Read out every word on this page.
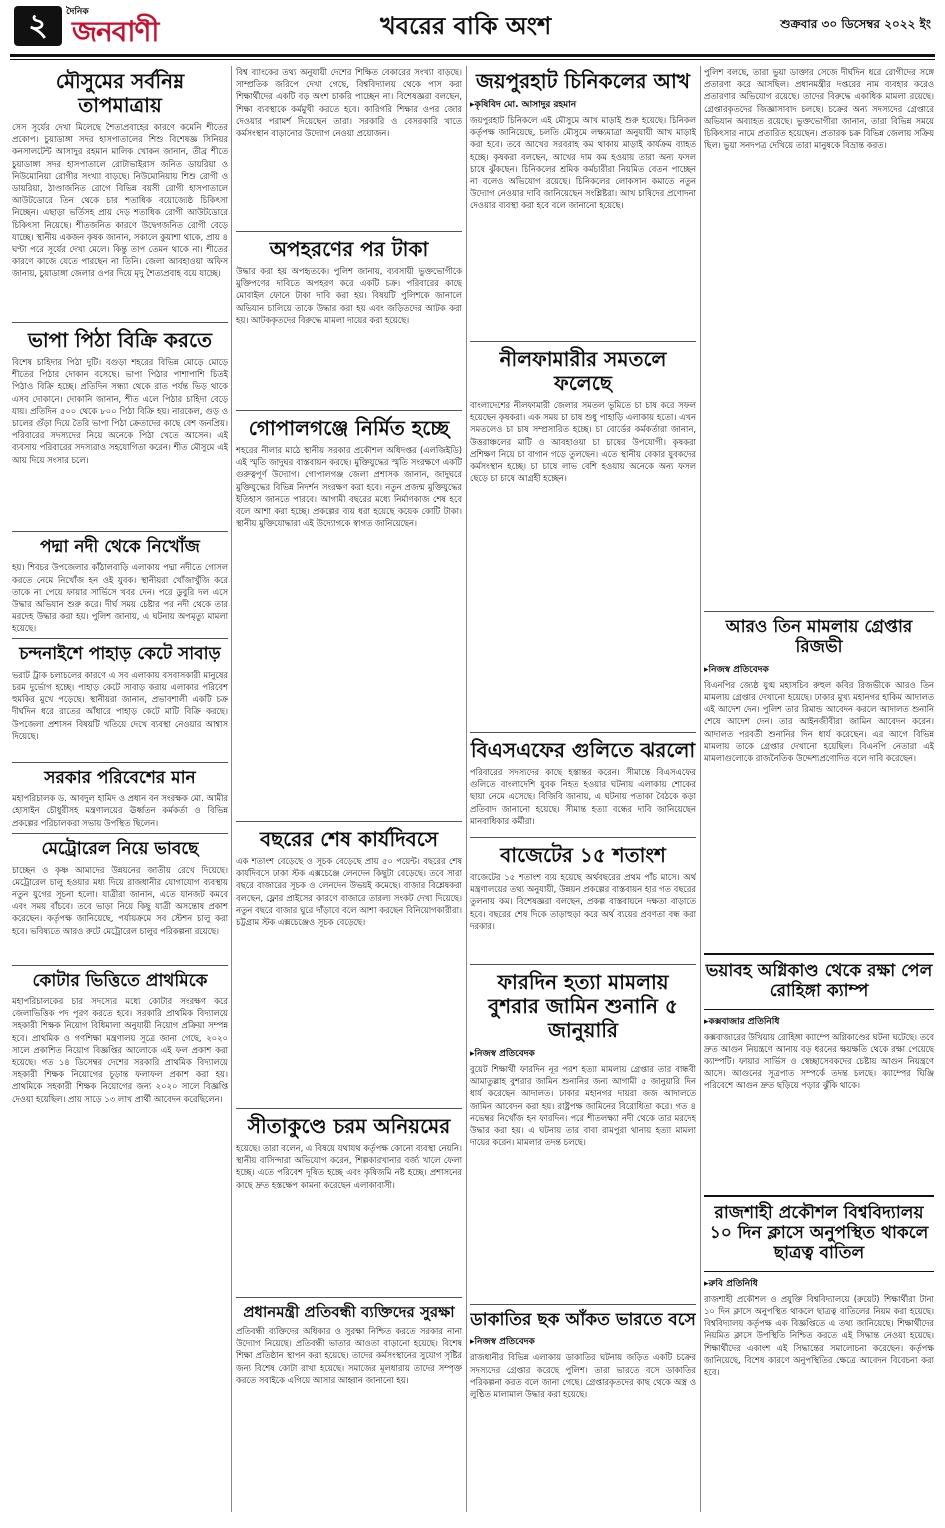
২	দৈনিক
জনবাণী	খবরের বাকি অংশ	শুক্রবার ৩০ ডিসেম্বর ২০২২ ইং
মৌসুমের সর্বনিম্ন তাপমাত্রায়
সেস সূর্যের দেখা মিলেছে শৈত্যপ্রবাহের কারণে কমেনি শীতের প্রকোপ। চুয়াডাঙ্গা সদর হাসপাতালের শিশু বিশেষজ্ঞ সিনিয়র কনসালটেন্ট আসাদুর রহমান মালিক খোকন জানান, তীব্র শীতে চুয়াডাঙ্গা সদর হাসপাতালে রোটাভাইরাস জনিত ডায়রিয়া ও নিউমোনিয়া রোগীর সংখ্যা বাড়ছে। নিউমোনিয়ায় শিশু রোগী ও ডায়রিয়া, ঠাণ্ডাজনিত রোগে বিভিন্ন বয়সী রোগী হাসপাতালে আউটডোরে তিন থেকে চার শতাধিক বয়োজ্যেষ্ঠ চিকিৎসা নিচ্ছেন। এছাড়া ভর্তিসহ প্রায় দেড় শতাধিক রোগী আউটডোরে চিকিৎসা নিয়েছে। শীতজনিত কারণে উদ্বেগজনিত রোগী বেড়ে যাচ্ছে। স্থানীয় একজন কৃষক জানান, সকালে কুয়াশা থাকে, প্রায় ৪ ঘণ্টা পরে সূর্যের দেখা মেলে। কিন্তু তাপ তেমন থাকে না। শীতের কারণে কাজে যেতে পারছেন না তিনি। জেলা আবহাওয়া অফিস জানায়, চুয়াডাঙ্গা জেলার ওপর দিয়ে মৃদু শৈত্যপ্রবাহ বয়ে যাচ্ছে।
ভাপা পিঠা বিক্রি করতে
বিশেষ চাহিদার পিঠা দুটি। বগুড়া শহরের বিভিন্ন মোড়ে মোড়ে শীতের পিঠার দোকান বসেছে। ভাপা পিঠার পাশাপাশি চিতই পিঠাও বিক্রি হচ্ছে। প্রতিদিন সন্ধ্যা থেকে রাত পর্যন্ত ভিড় থাকে এসব দোকানে। দোকানি জানান, শীত এলে পিঠার চাহিদা বেড়ে যায়। প্রতিদিন ৫০০ থেকে ৮০০ পিঠা বিক্রি হয়। নারকেল, গুড় ও চালের গুঁড়া দিয়ে তৈরি ভাপা পিঠা ক্রেতাদের কাছে বেশ জনপ্রিয়। পরিবারের সদস্যদের নিয়ে অনেকে পিঠা খেতে আসেন। এই ব্যবসায় পরিবারের সদস্যরাও সহযোগিতা করেন। শীত মৌসুমে এই আয় দিয়ে সংসার চলে।
পদ্মা নদী থেকে নিখোঁজ
হয়। শিবচর উপজেলার কাঁঠালবাড়ি এলাকায় পদ্মা নদীতে গোসল করতে নেমে নিখোঁজ হন ওই যুবক। স্থানীয়রা খোঁজাখুঁজি করে তাকে না পেয়ে ফায়ার সার্ভিসে খবর দেন। পরে ডুবুরি দল এসে উদ্ধার অভিযান শুরু করে। দীর্ঘ সময় চেষ্টার পর নদী থেকে তার মরদেহ উদ্ধার করা হয়। পুলিশ জানায়, এ ঘটনায় অপমৃত্যু মামলা হয়েছে।
চন্দনাইশে পাহাড় কেটে সাবাড়
ভরাট ট্রাক চলাচলের কারণে এ সব এলাকায় বসবাসকারী মানুষের চরম দুর্ভোগ হচ্ছে। পাহাড় কেটে সাবাড় করায় এলাকার পরিবেশ হুমকির মুখে পড়েছে। স্থানীয়রা জানান, প্রভাবশালী একটি চক্র দীর্ঘদিন ধরে রাতের আঁধারে পাহাড় কেটে মাটি বিক্রি করছে। উপজেলা প্রশাসন বিষয়টি খতিয়ে দেখে ব্যবস্থা নেওয়ার আশ্বাস দিয়েছে।
সরকার পরিবেশের মান
মহাপরিচালক ড. আবদুল হামিদ ও প্রধান বন সংরক্ষক মো. আমীর হোসাইন চৌধুরীসহ মন্ত্রণালয়ের ঊর্ধ্বতন কর্মকর্তা ও বিভিন্ন প্রকল্পের পরিচালকরা সভায় উপস্থিত ছিলেন।
মেট্রোরেল নিয়ে ভাবছে
চাচ্ছেন ও কৃষ্ণ আমাদের উন্নয়নের জাতীয় রেখে দিয়েছে। মেট্রোরেল চালু হওয়ার মধ্য দিয়ে রাজধানীর যোগাযোগ ব্যবস্থায় নতুন যুগের সূচনা হলো। যাত্রীরা জানান, এতে যানজট কমবে এবং সময় বাঁচবে। তবে ভাড়া নিয়ে কিছু যাত্রী অসন্তোষ প্রকাশ করেছেন। কর্তৃপক্ষ জানিয়েছে, পর্যায়ক্রমে সব স্টেশন চালু করা হবে। ভবিষ্যতে আরও রুটে মেট্রোরেল চালুর পরিকল্পনা রয়েছে।
কোটার ভিত্তিতে প্রাথমিকে
মহাপরিচালকের চার সদস্যের মধ্যে কোটার সংরক্ষণ করে জেলাভিত্তিক পদ পূরণ করতে হবে। সরকারি প্রাথমিক বিদ্যালয়ে সহকারী শিক্ষক নিয়োগ বিধিমালা অনুযায়ী নিয়োগ প্রক্রিয়া সম্পন্ন হবে। প্রাথমিক ও গণশিক্ষা মন্ত্রণালয় সূত্রে জানা গেছে, ২০২০ সালে প্রকাশিত নিয়োগ বিজ্ঞপ্তির আলোকে এই ফল প্রকাশ করা হয়েছে। গত ১৪ ডিসেম্বর দেশের সরকারি প্রাথমিক বিদ্যালয়ে সহকারী শিক্ষক নিয়োগের চূড়ান্ত ফলাফল প্রকাশ করা হয়। প্রাথমিকে সহকারী শিক্ষক নিয়োগের জন্য ২০২০ সালে বিজ্ঞপ্তি দেওয়া হয়েছিল। প্রায় সাড়ে ১৩ লাখ প্রার্থী আবেদন করেছিলেন।
বিশ্ব ব্যাংকের তথ্য অনুযায়ী দেশের শিক্ষিত বেকারের সংখ্যা বাড়ছে। সাম্প্রতিক জরিপে দেখা গেছে, বিশ্ববিদ্যালয় থেকে পাস করা শিক্ষার্থীদের একটি বড় অংশ চাকরি পাচ্ছেন না। বিশেষজ্ঞরা বলছেন, শিক্ষা ব্যবস্থাকে কর্মমুখী করতে হবে। কারিগরি শিক্ষার ওপর জোর দেওয়ার পরামর্শ দিয়েছেন তারা। সরকারি ও বেসরকারি খাতে কর্মসংস্থান বাড়ানোর উদ্যোগ নেওয়া প্রয়োজন।
অপহরণের পর টাকা
উদ্ধার করা হয় অপহৃতকে। পুলিশ জানায়, ব্যবসায়ী ভুক্তভোগীকে মুক্তিপণের দাবিতে অপহরণ করে একটি চক্র। পরিবারের কাছে মোবাইল ফোনে টাকা দাবি করা হয়। বিষয়টি পুলিশকে জানালে অভিযান চালিয়ে তাকে উদ্ধার করা হয় এবং জড়িতদের আটক করা হয়। আটককৃতদের বিরুদ্ধে মামলা দায়ের করা হয়েছে।
গোপালগঞ্জে নির্মিত হচ্ছে
শহরের নীলার মাঠে স্থানীয় সরকার প্রকৌশল অধিদপ্তর (এলজিইডি) এই স্মৃতি জাদুঘর বাস্তবায়ন করছে। মুক্তিযুদ্ধের স্মৃতি সংরক্ষণে একটি গুরুত্বপূর্ণ উদ্যোগ। গোপালগঞ্জ জেলা প্রশাসক জানান, জাদুঘরে মুক্তিযুদ্ধের বিভিন্ন নিদর্শন সংরক্ষণ করা হবে। নতুন প্রজন্ম মুক্তিযুদ্ধের ইতিহাস জানতে পারবে। আগামী বছরের মধ্যে নির্মাণকাজ শেষ হবে বলে আশা করা হচ্ছে। প্রকল্পের ব্যয় ধরা হয়েছে কয়েক কোটি টাকা। স্থানীয় মুক্তিযোদ্ধারা এই উদ্যোগকে স্বাগত জানিয়েছেন।
বছরের শেষ কার্যদিবসে
এক শতাংশ বেড়েছে ও সূচক বেড়েছে প্রায় ৫০ পয়েন্ট। বছরের শেষ কার্যদিবসে ঢাকা স্টক এক্সচেঞ্জে লেনদেন কিছুটা বেড়েছে। তবে সারা বছরে বাজারের সূচক ও লেনদেন উভয়ই কমেছে। বাজার বিশ্লেষকরা বলছেন, ফ্লোর প্রাইসের কারণে বাজারে তারল্য সংকট দেখা দিয়েছে। নতুন বছরে বাজার ঘুরে দাঁড়াবে বলে আশা করছেন বিনিয়োগকারীরা। চট্টগ্রাম স্টক এক্সচেঞ্জেও সূচক বেড়েছে।
সীতাকুণ্ডে চরম অনিয়মের
হয়েছে। তারা বলেন, এ বিষয়ে যথাযথ কর্তৃপক্ষ কোনো ব্যবস্থা নেয়নি। স্থানীয় বাসিন্দারা অভিযোগ করেন, শিল্পকারখানার বর্জ্য খালে ফেলা হচ্ছে। এতে পরিবেশ দূষিত হচ্ছে এবং কৃষিজমি নষ্ট হচ্ছে। প্রশাসনের কাছে দ্রুত হস্তক্ষেপ কামনা করেছেন এলাকাবাসী।
প্রধানমন্ত্রী প্রতিবন্ধী ব্যক্তিদের সুরক্ষা
প্রতিবন্ধী ব্যক্তিদের অধিকার ও সুরক্ষা নিশ্চিত করতে সরকার নানা উদ্যোগ নিয়েছে। প্রতিবন্ধী ভাতার আওতা বাড়ানো হয়েছে। বিশেষ শিক্ষা প্রতিষ্ঠান স্থাপন করা হয়েছে। তাদের কর্মসংস্থানের সুযোগ সৃষ্টির জন্য বিশেষ কোটা রাখা হয়েছে। সমাজের মূলধারায় তাদের সম্পৃক্ত করতে সবাইকে এগিয়ে আসার আহ্বান জানানো হয়।
জয়পুরহাট চিনিকলের আখ
▸ কৃষিবিদ মো. আসাদুর রহমান
জয়পুরহাট চিনিকলে এই মৌসুমে আখ মাড়াই শুরু হয়েছে। চিনিকল কর্তৃপক্ষ জানিয়েছে, চলতি মৌসুমে লক্ষ্যমাত্রা অনুযায়ী আখ মাড়াই করা হবে। তবে আখের সরবরাহ কম থাকায় মাড়াই কার্যক্রম ব্যাহত হচ্ছে। কৃষকরা বলছেন, আখের দাম কম হওয়ায় তারা অন্য ফসল চাষে ঝুঁকছেন। চিনিকলের শ্রমিক কর্মচারীরা নিয়মিত বেতন পাচ্ছেন না বলেও অভিযোগ রয়েছে। চিনিকলের লোকসান কমাতে নতুন উদ্যোগ নেওয়ার দাবি জানিয়েছেন সংশ্লিষ্টরা। আখ চাষিদের প্রণোদনা দেওয়ার ব্যবস্থা করা হবে বলে জানানো হয়েছে।
নীলফামারীর সমতলে ফলেছে
বাংলাদেশের নীলফামারী জেলার সমতল ভূমিতে চা চাষ করে সফল হয়েছেন কৃষকরা। এক সময় চা চাষ শুধু পাহাড়ি এলাকায় হতো। এখন সমতলেও চা চাষ সম্প্রসারিত হচ্ছে। চা বোর্ডের কর্মকর্তারা জানান, উত্তরাঞ্চলের মাটি ও আবহাওয়া চা চাষের উপযোগী। কৃষকরা প্রশিক্ষণ নিয়ে চা বাগান গড়ে তুলছেন। এতে স্থানীয় বেকার যুবকদের কর্মসংস্থান হচ্ছে। চা চাষে লাভ বেশি হওয়ায় অনেকে অন্য ফসল ছেড়ে চা চাষে আগ্রহী হচ্ছেন।
বিএসএফের গুলিতে ঝরলো
পরিবারের সদস্যদের কাছে হস্তান্তর করেন। সীমান্তে বিএসএফের গুলিতে বাংলাদেশি যুবক নিহত হওয়ার ঘটনায় এলাকায় শোকের ছায়া নেমে এসেছে। বিজিবি জানায়, এ ঘটনায় পতাকা বৈঠকে কড়া প্রতিবাদ জানানো হয়েছে। সীমান্ত হত্যা বন্ধের দাবি জানিয়েছেন মানবাধিকার কর্মীরা।
বাজেটের ১৫ শতাংশ
বাজেটের ১৫ শতাংশ ব্যয় হয়েছে অর্থবছরের প্রথম পাঁচ মাসে। অর্থ মন্ত্রণালয়ের তথ্য অনুযায়ী, উন্নয়ন প্রকল্পের বাস্তবায়ন হার গত বছরের তুলনায় কম। বিশেষজ্ঞরা বলছেন, প্রকল্প বাস্তবায়নে দক্ষতা বাড়াতে হবে। বছরের শেষ দিকে তাড়াহুড়া করে অর্থ ব্যয়ের প্রবণতা বন্ধ করা দরকার।
ফারদিন হত্যা মামলায় বুশরার জামিন শুনানি ৫ জানুয়ারি
▸ নিজস্ব প্রতিবেদক
বুয়েট শিক্ষার্থী ফারদিন নূর পরশ হত্যা মামলায় গ্রেপ্তার তার বান্ধবী আমাতুল্লাহ বুশরার জামিন শুনানির জন্য আগামী ৫ জানুয়ারি দিন ধার্য করেছেন আদালত। ঢাকার মহানগর দায়রা জজ আদালতে জামিন আবেদন করা হয়। রাষ্ট্রপক্ষ জামিনের বিরোধিতা করে। গত ৪ নভেম্বর নিখোঁজ হন ফারদিন। পরে শীতলক্ষ্যা নদী থেকে তার মরদেহ উদ্ধার করা হয়। এ ঘটনায় তার বাবা রামপুরা থানায় হত্যা মামলা দায়ের করেন। মামলার তদন্ত চলছে।
ডাকাতির ছক আঁকত ভারতে বসে
▸ নিজস্ব প্রতিবেদক
রাজধানীর বিভিন্ন এলাকায় ডাকাতির ঘটনায় জড়িত একটি চক্রের সদস্যদের গ্রেপ্তার করেছে পুলিশ। তারা ভারতে বসে ডাকাতির পরিকল্পনা করত বলে জানা গেছে। গ্রেপ্তারকৃতদের কাছ থেকে অস্ত্র ও লুণ্ঠিত মালামাল উদ্ধার করা হয়েছে।
পুলিশ বলছে, তারা ভুয়া ডাক্তার সেজে দীর্ঘদিন ধরে রোগীদের সঙ্গে প্রতারণা করে আসছিল। প্রধানমন্ত্রীর দপ্তরের নাম ব্যবহার করেও প্রতারণার অভিযোগ রয়েছে। তাদের বিরুদ্ধে একাধিক মামলা রয়েছে। গ্রেপ্তারকৃতদের জিজ্ঞাসাবাদ চলছে। চক্রের অন্য সদস্যদের গ্রেপ্তারে অভিযান অব্যাহত রয়েছে। ভুক্তভোগীরা জানান, তারা বিভিন্ন সময়ে চিকিৎসার নামে প্রতারিত হয়েছেন। প্রতারক চক্র বিভিন্ন জেলায় সক্রিয় ছিল। ভুয়া সনদপত্র দেখিয়ে তারা মানুষকে বিভ্রান্ত করত।
আরও তিন মামলায় গ্রেপ্তার রিজভী
▸ নিজস্ব প্রতিবেদক
বিএনপির জ্যেষ্ঠ যুগ্ম মহাসচিব রুহুল কবির রিজভীকে আরও তিন মামলায় গ্রেপ্তার দেখানো হয়েছে। ঢাকার মুখ্য মহানগর হাকিম আদালত এই আদেশ দেন। পুলিশ তার রিমান্ড আবেদন করলে আদালত শুনানি শেষে আদেশ দেন। তার আইনজীবীরা জামিন আবেদন করেন। আদালত পরবর্তী শুনানির দিন ধার্য করেছেন। এর আগে বিভিন্ন মামলায় তাকে গ্রেপ্তার দেখানো হয়েছিল। বিএনপি নেতারা এই মামলাগুলোকে রাজনৈতিক উদ্দেশ্যপ্রণোদিত বলে দাবি করেছেন।
ভয়াবহ অগ্নিকাণ্ড থেকে রক্ষা পেল রোহিঙ্গা ক্যাম্প
▸ কক্সবাজার প্রতিনিধি
কক্সবাজারের উখিয়ায় রোহিঙ্গা ক্যাম্পে অগ্নিকাণ্ডের ঘটনা ঘটেছে। তবে দ্রুত আগুন নিয়ন্ত্রণে আনায় বড় ধরনের ক্ষয়ক্ষতি থেকে রক্ষা পেয়েছে ক্যাম্পটি। ফায়ার সার্ভিস ও স্বেচ্ছাসেবকদের চেষ্টায় আগুন নিয়ন্ত্রণে আসে। আগুনের সূত্রপাত সম্পর্কে তদন্ত চলছে। ক্যাম্পের ঘিঞ্জি পরিবেশে আগুন দ্রুত ছড়িয়ে পড়ার ঝুঁকি থাকে।
রাজশাহী প্রকৌশল বিশ্ববিদ্যালয় ১০ দিন ক্লাসে অনুপস্থিত থাকলে ছাত্রত্ব বাতিল
▸ রুবি প্রতিনিধি
রাজশাহী প্রকৌশল ও প্রযুক্তি বিশ্ববিদ্যালয়ে (রুয়েট) শিক্ষার্থীরা টানা ১০ দিন ক্লাসে অনুপস্থিত থাকলে ছাত্রত্ব বাতিলের নিয়ম করা হয়েছে। বিশ্ববিদ্যালয় কর্তৃপক্ষ এক বিজ্ঞপ্তিতে এ তথ্য জানিয়েছে। শিক্ষার্থীদের নিয়মিত ক্লাসে উপস্থিতি নিশ্চিত করতে এই সিদ্ধান্ত নেওয়া হয়েছে। শিক্ষার্থীদের একাংশ এই সিদ্ধান্তের সমালোচনা করেছেন। কর্তৃপক্ষ জানিয়েছে, বিশেষ কারণে অনুপস্থিতির ক্ষেত্রে আবেদন বিবেচনা করা হবে।
